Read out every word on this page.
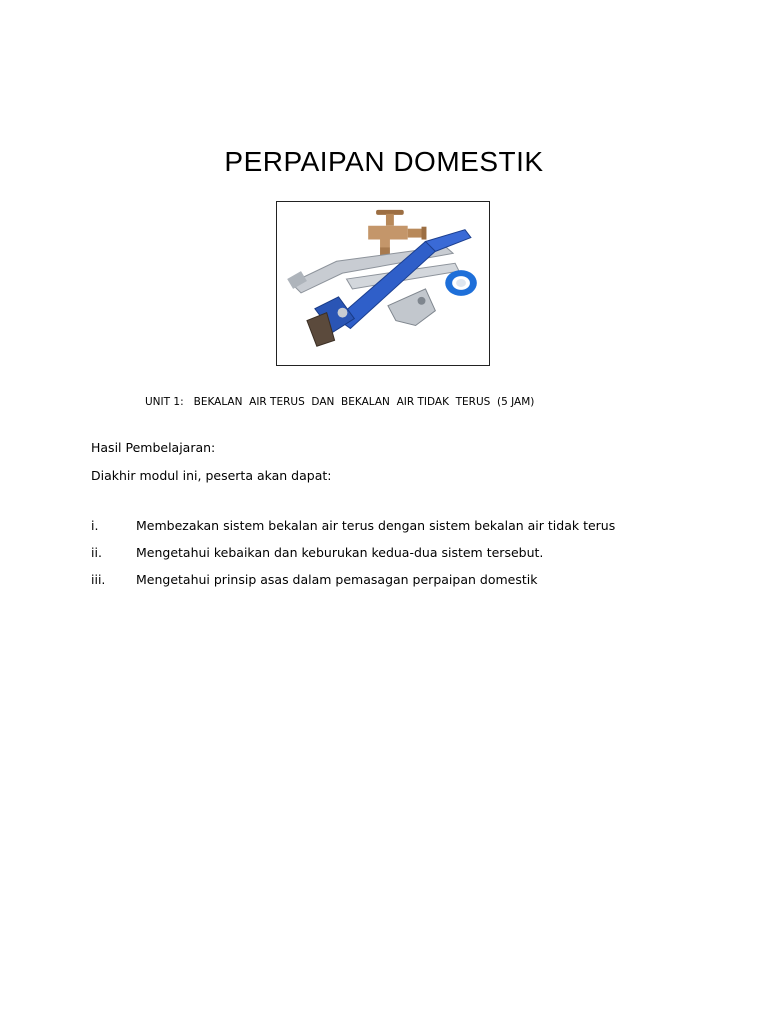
PERPAIPAN DOMESTIK
UNIT 1:   BEKALAN  AIR TERUS  DAN  BEKALAN  AIR TIDAK  TERUS  (5 JAM)
Hasil Pembelajaran:
Diakhir modul ini, peserta akan dapat:
i.	Membezakan sistem bekalan air terus dengan sistem bekalan air tidak terus
ii.	Mengetahui kebaikan dan keburukan kedua-dua sistem tersebut.
iii. Mengetahui prinsip asas dalam pemasagan perpaipan domestik
